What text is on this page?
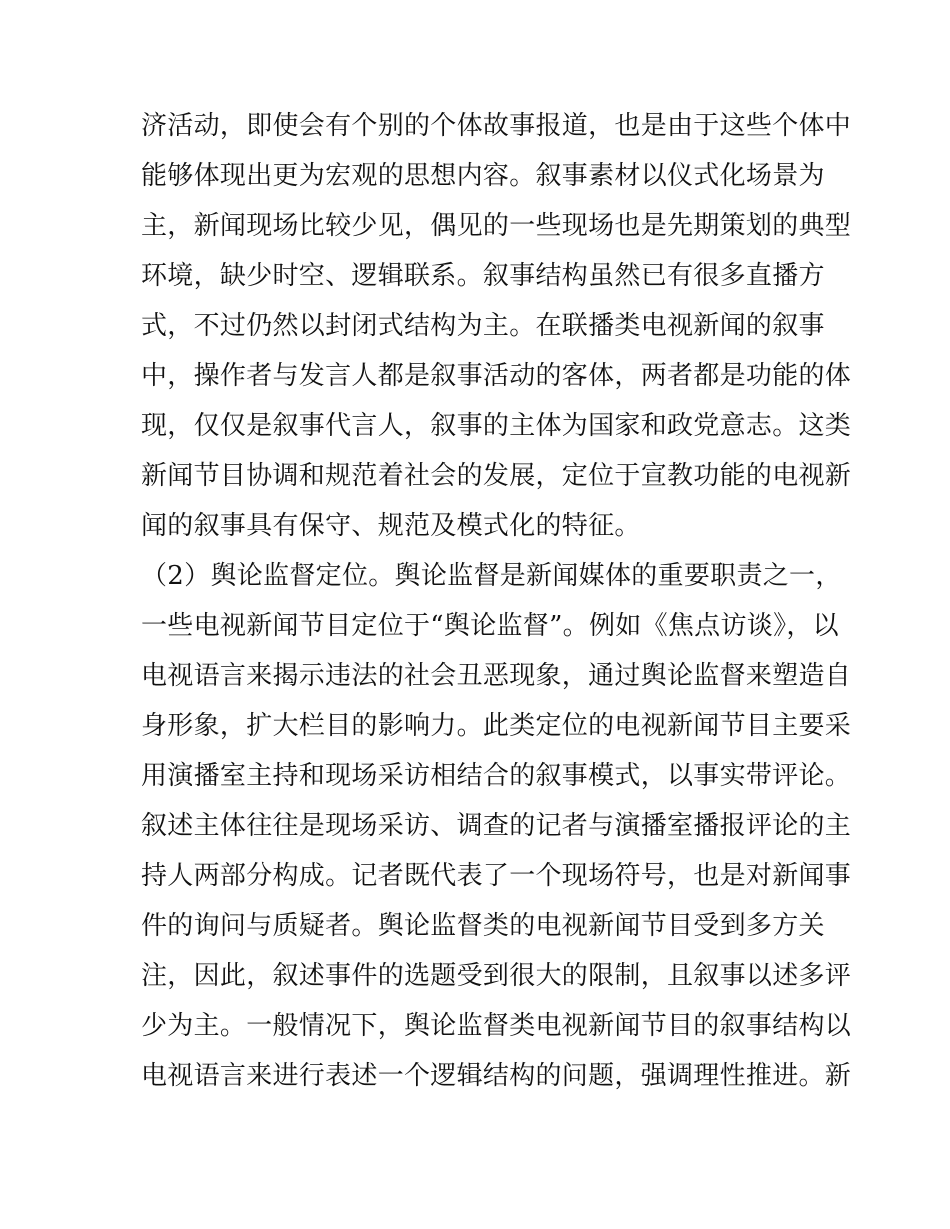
济活动，即使会有个别的个体故事报道，也是由于这些个体中
能够体现出更为宏观的思想内容。叙事素材以仪式化场景为
主，新闻现场比较少见，偶见的一些现场也是先期策划的典型
环境，缺少时空、逻辑联系。叙事结构虽然已有很多直播方
式，不过仍然以封闭式结构为主。在联播类电视新闻的叙事
中，操作者与发言人都是叙事活动的客体，两者都是功能的体
现，仅仅是叙事代言人，叙事的主体为国家和政党意志。这类
新闻节目协调和规范着社会的发展，定位于宣教功能的电视新
闻的叙事具有保守、规范及模式化的特征。
（2）舆论监督定位。舆论监督是新闻媒体的重要职责之一，
一些电视新闻节目定位于“舆论监督”。例如《焦点访谈》，以
电视语言来揭示违法的社会丑恶现象，通过舆论监督来塑造自
身形象，扩大栏目的影响力。此类定位的电视新闻节目主要采
用演播室主持和现场采访相结合的叙事模式，以事实带评论。
叙述主体往往是现场采访、调查的记者与演播室播报评论的主
持人两部分构成。记者既代表了一个现场符号，也是对新闻事
件的询问与质疑者。舆论监督类的电视新闻节目受到多方关
注，因此，叙述事件的选题受到很大的限制，且叙事以述多评
少为主。一般情况下，舆论监督类电视新闻节目的叙事结构以
电视语言来进行表述一个逻辑结构的问题，强调理性推进。新
